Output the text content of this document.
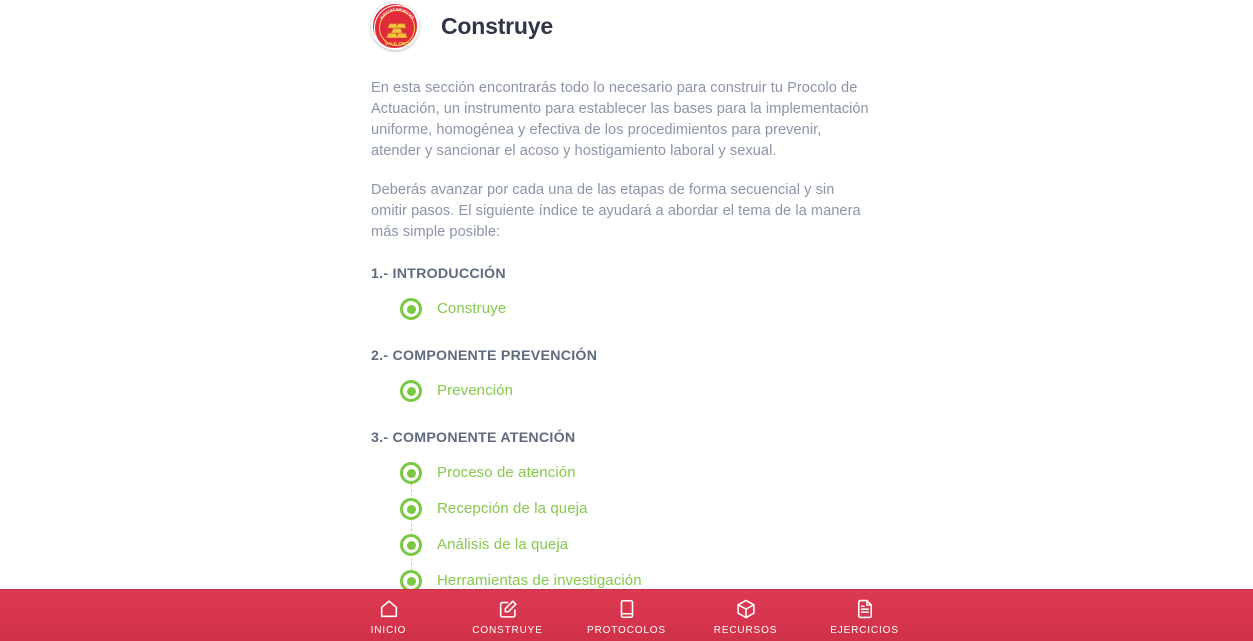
NUESTRO BIENESTAR
VALE ORO
Construye

En esta sección encontrarás todo lo necesario para construir tu Procolo de Actuación, un instrumento para establecer las bases para la implementación uniforme, homogénea y efectiva de los procedimientos para prevenir, atender y sancionar el acoso y hostigamiento laboral y sexual.

Deberás avanzar por cada una de las etapas de forma secuencial y sin omitir pasos. El siguiente índice te ayudará a abordar el tema de la manera más simple posible:

1.- INTRODUCCIÓN
Construye
2.- COMPONENTE PREVENCIÓN
Prevención
3.- COMPONENTE ATENCIÓN
Proceso de atención
Recepción de la queja
Análisis de la queja
Herramientas de investigación
INICIO	CONSTRUYE	PROTOCOLOS	RECURSOS	EJERCICIOS
